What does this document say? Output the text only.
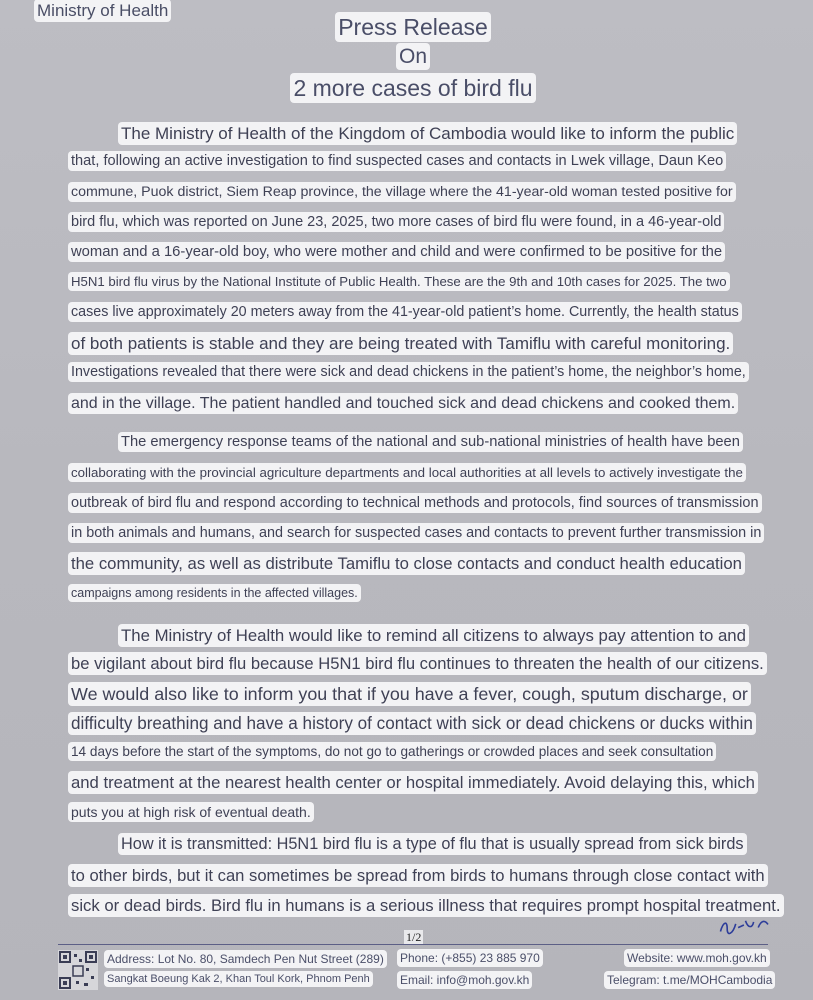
Ministry of Health
Press Release
On
2 more cases of bird flu
The Ministry of Health of the Kingdom of Cambodia would like to inform the public
that, following an active investigation to find suspected cases and contacts in Lwek village, Daun Keo
commune, Puok district, Siem Reap province, the village where the 41-year-old woman tested positive for
bird flu, which was reported on June 23, 2025, two more cases of bird flu were found, in a 46-year-old
woman and a 16-year-old boy, who were mother and child and were confirmed to be positive for the
H5N1 bird flu virus by the National Institute of Public Health. These are the 9th and 10th cases for 2025. The two
cases live approximately 20 meters away from the 41-year-old patient’s home. Currently, the health status
of both patients is stable and they are being treated with Tamiflu with careful monitoring.
Investigations revealed that there were sick and dead chickens in the patient’s home, the neighbor’s home,
and in the village. The patient handled and touched sick and dead chickens and cooked them.
The emergency response teams of the national and sub-national ministries of health have been
collaborating with the provincial agriculture departments and local authorities at all levels to actively investigate the
outbreak of bird flu and respond according to technical methods and protocols, find sources of transmission
in both animals and humans, and search for suspected cases and contacts to prevent further transmission in
the community, as well as distribute Tamiflu to close contacts and conduct health education
campaigns among residents in the affected villages.
The Ministry of Health would like to remind all citizens to always pay attention to and
be vigilant about bird flu because H5N1 bird flu continues to threaten the health of our citizens.
We would also like to inform you that if you have a fever, cough, sputum discharge, or
difficulty breathing and have a history of contact with sick or dead chickens or ducks within
14 days before the start of the symptoms, do not go to gatherings or crowded places and seek consultation
and treatment at the nearest health center or hospital immediately. Avoid delaying this, which
puts you at high risk of eventual death.
How it is transmitted: H5N1 bird flu is a type of flu that is usually spread from sick birds
to other birds, but it can sometimes be spread from birds to humans through close contact with
sick or dead birds. Bird flu in humans is a serious illness that requires prompt hospital treatment.
1/2
Address: Lot No. 80, Samdech Pen Nut Street (289)
Sangkat Boeung Kak 2, Khan Toul Kork, Phnom Penh
Phone: (+855) 23 885 970
Email: info@moh.gov.kh
Website: www.moh.gov.kh
Telegram: t.me/MOHCambodia
